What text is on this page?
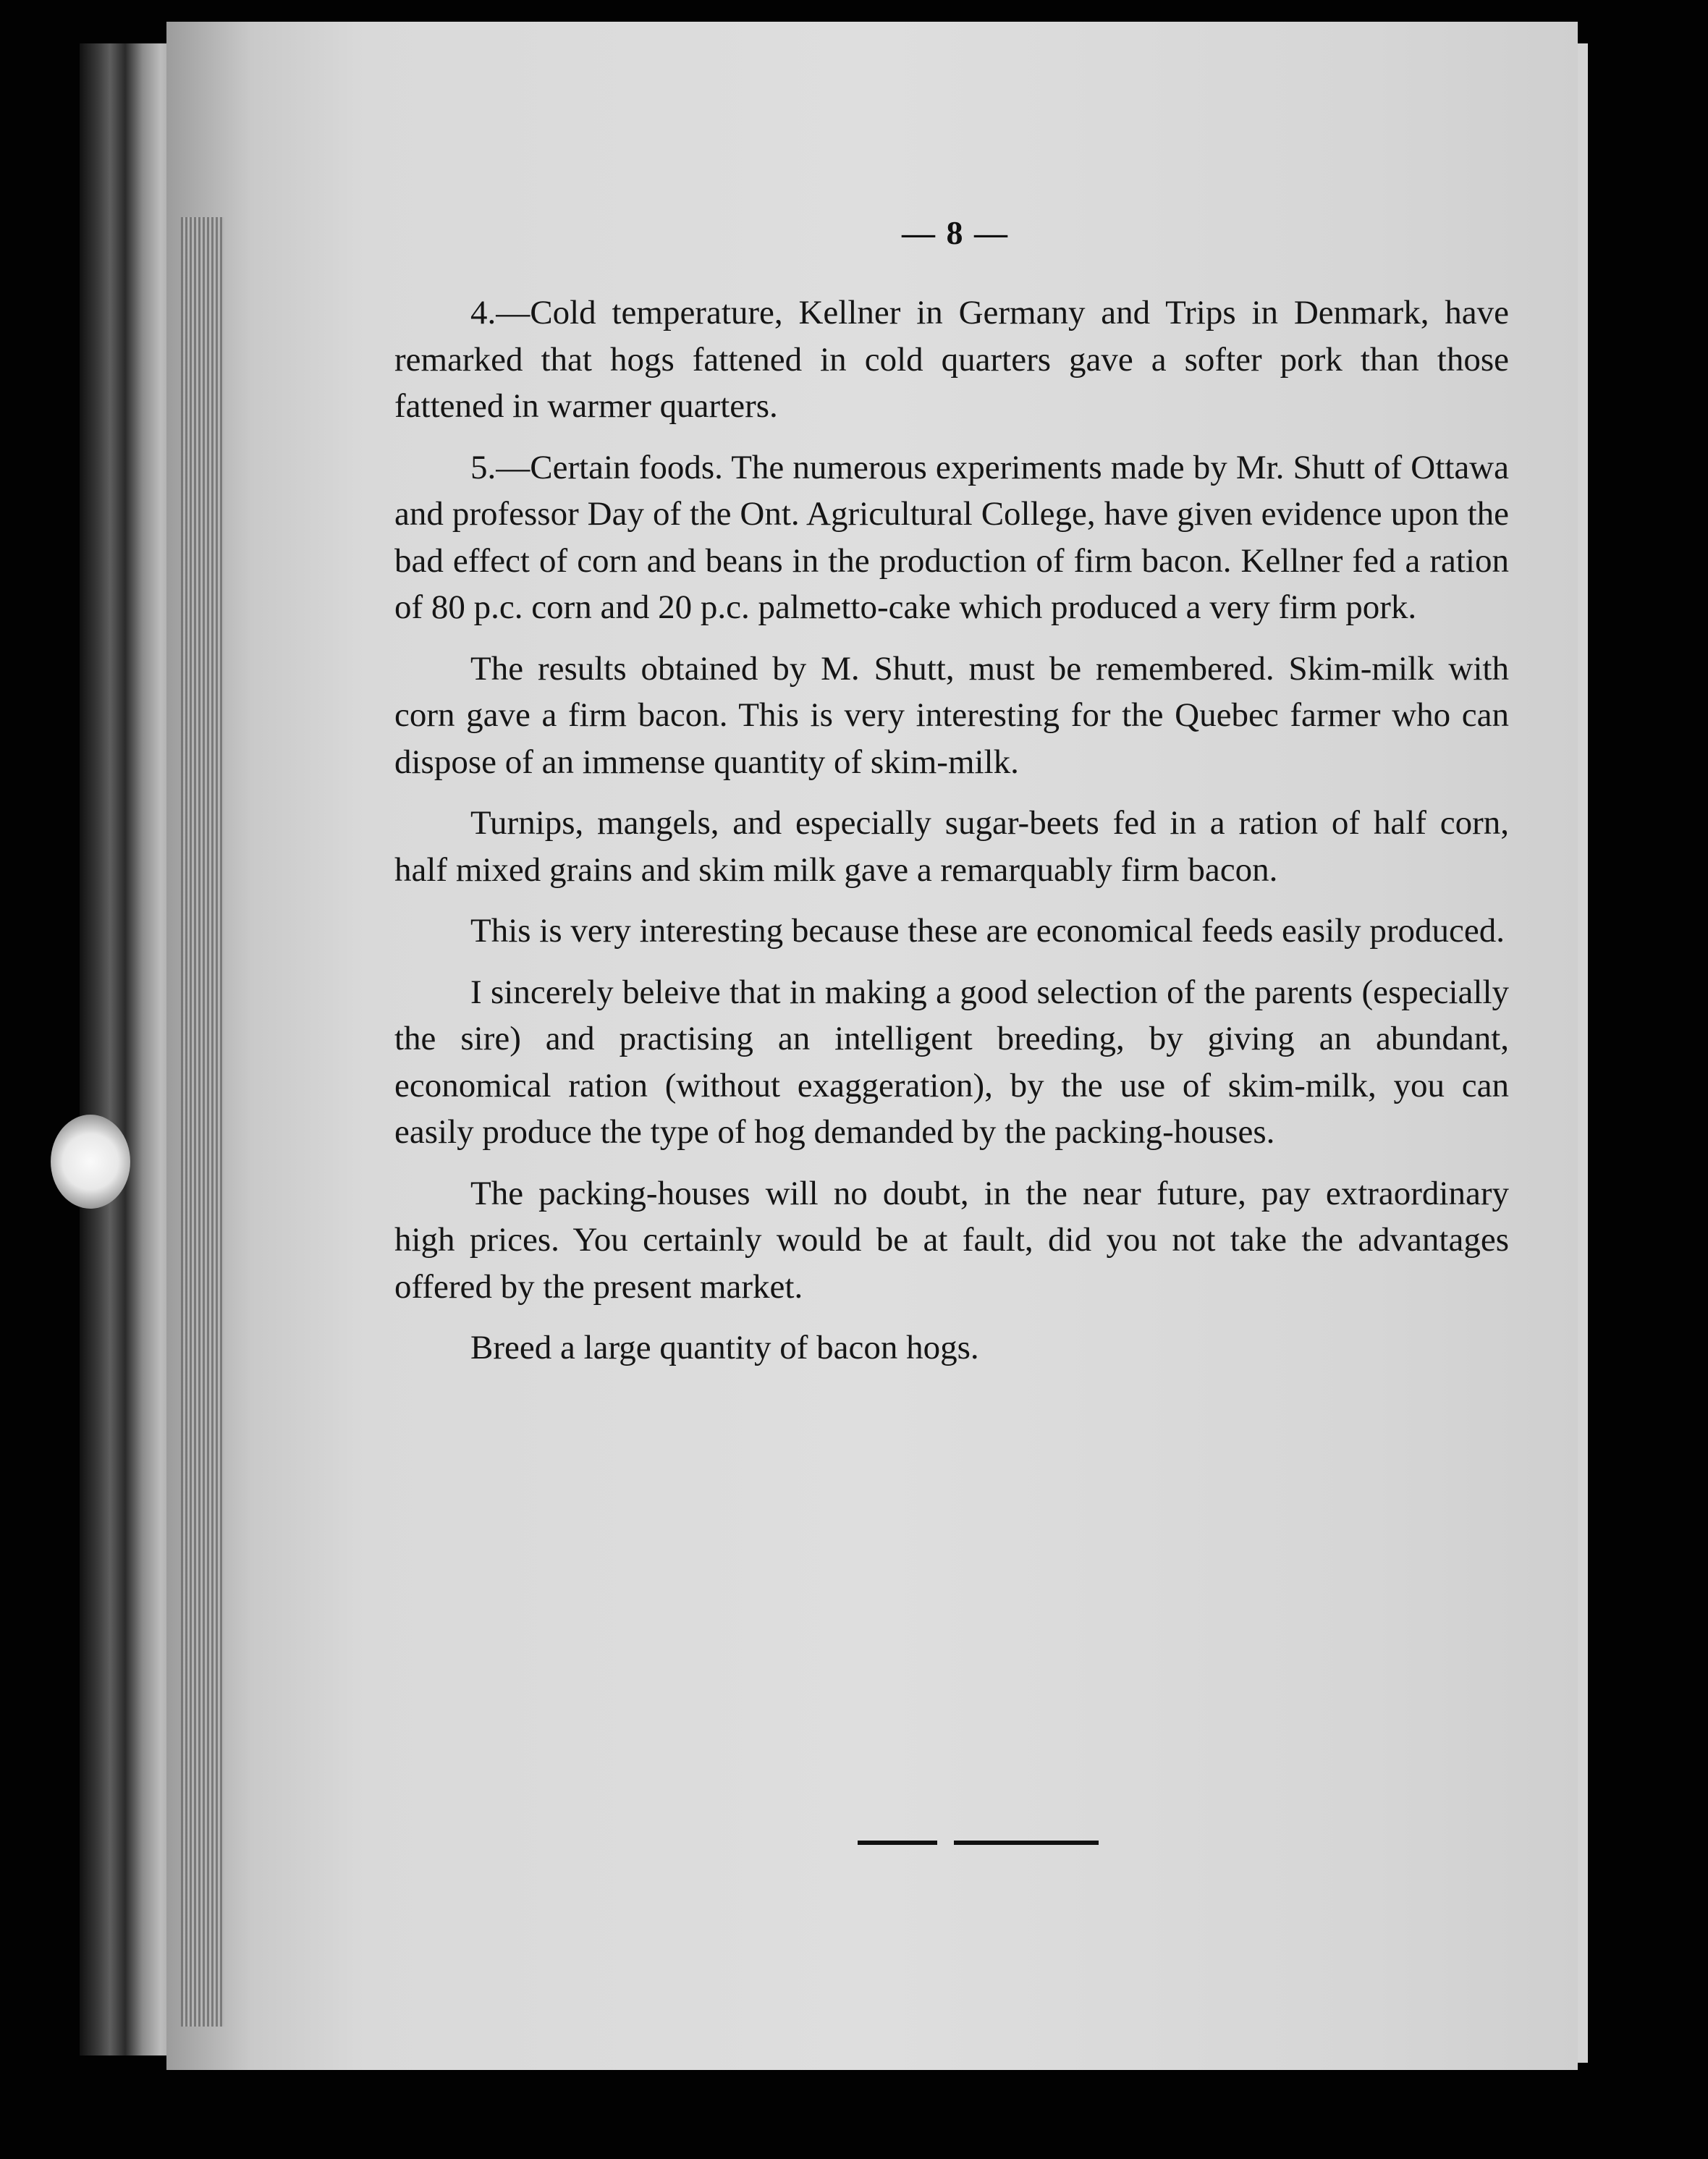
— 8 —

4.—Cold temperature, Kellner in Germany and Trips in Denmark, have remarked that hogs fattened in cold quarters gave a softer pork than those fattened in warmer quarters.

5.—Certain foods. The numerous experiments made by Mr. Shutt of Ottawa and professor Day of the Ont. Agricultural College, have given evidence upon the bad effect of corn and beans in the production of firm bacon. Kellner fed a ration of 80 p.c. corn and 20 p.c. palmetto-cake which produced a very firm pork.

The results obtained by M. Shutt, must be remembered. Skim-milk with corn gave a firm bacon. This is very interesting for the Quebec farmer who can dispose of an immense quantity of skim-milk.

Turnips, mangels, and especially sugar-beets fed in a ration of half corn, half mixed grains and skim milk gave a remarquably firm bacon.

This is very interesting because these are economical feeds easily produced.

I sincerely beleive that in making a good selection of the parents (especially the sire) and practising an intelligent breeding, by giving an abundant, economical ration (without exaggeration), by the use of skim-milk, you can easily produce the type of hog demanded by the packing-houses.

The packing-houses will no doubt, in the near future, pay extraordinary high prices. You certainly would be at fault, did you not take the advantages offered by the present market.

Breed a large quantity of bacon hogs.
